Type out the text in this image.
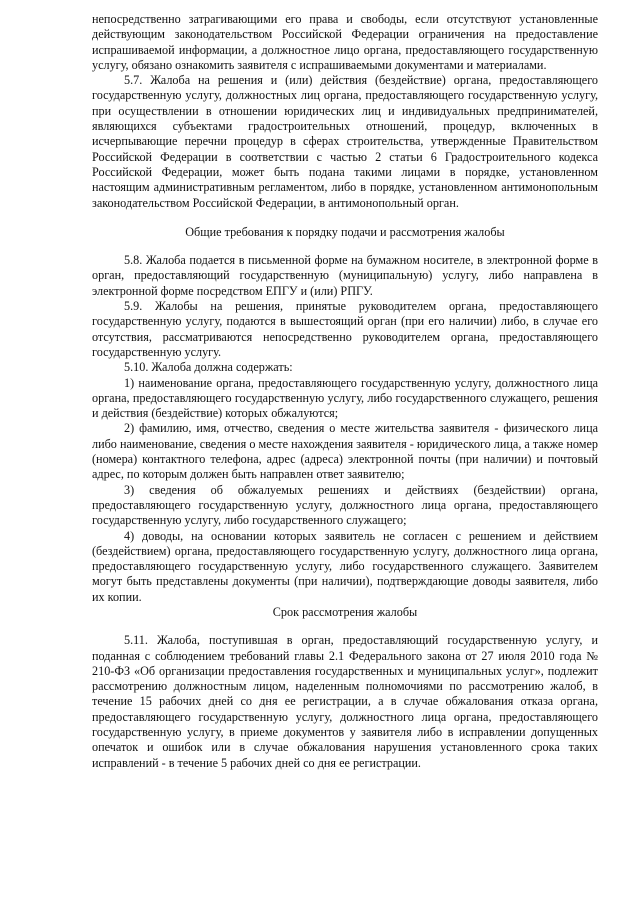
непосредственно затрагивающими его права и свободы, если отсутствуют установленные действующим законодательством Российской Федерации ограничения на предоставление испрашиваемой информации, а должностное лицо органа, предоставляющего государственную услугу, обязано ознакомить заявителя с испрашиваемыми документами и материалами.

5.7. Жалоба на решения и (или) действия (бездействие) органа, предоставляющего государственную услугу, должностных лиц органа, предоставляющего государственную услугу, при осуществлении в отношении юридических лиц и индивидуальных предпринимателей, являющихся субъектами градостроительных отношений, процедур, включенных в исчерпывающие перечни процедур в сферах строительства, утвержденные Правительством Российской Федерации в соответствии с частью 2 статьи 6 Градостроительного кодекса Российской Федерации, может быть подана такими лицами в порядке, установленном настоящим административным регламентом, либо в порядке, установленном антимонопольным законодательством Российской Федерации, в антимонопольный орган.

Общие требования к порядку подачи и рассмотрения жалобы

5.8. Жалоба подается в письменной форме на бумажном носителе, в электронной форме в орган, предоставляющий государственную (муниципальную) услугу, либо направлена в электронной форме посредством ЕПГУ и (или) РПГУ.

5.9. Жалобы на решения, принятые руководителем органа, предоставляющего государственную услугу, подаются в вышестоящий орган (при его наличии) либо, в случае его отсутствия, рассматриваются непосредственно руководителем органа, предоставляющего государственную услугу.

5.10. Жалоба должна содержать:

1) наименование органа, предоставляющего государственную услугу, должностного лица органа, предоставляющего государственную услугу, либо государственного служащего, решения и действия (бездействие) которых обжалуются;

2) фамилию, имя, отчество, сведения о месте жительства заявителя - физического лица либо наименование, сведения о месте нахождения заявителя - юридического лица, а также номер (номера) контактного телефона, адрес (адреса) электронной почты (при наличии) и почтовый адрес, по которым должен быть направлен ответ заявителю;

3) сведения об обжалуемых решениях и действиях (бездействии) органа, предоставляющего государственную услугу, должностного лица органа, предоставляющего государственную услугу, либо государственного служащего;

4) доводы, на основании которых заявитель не согласен с решением и действием (бездействием) органа, предоставляющего государственную услугу, должностного лица органа, предоставляющего государственную услугу, либо государственного служащего. Заявителем могут быть представлены документы (при наличии), подтверждающие доводы заявителя, либо их копии.

Срок рассмотрения жалобы

5.11. Жалоба, поступившая в орган, предоставляющий государственную услугу, и поданная с соблюдением требований главы 2.1 Федерального закона от 27 июля 2010 года № 210-ФЗ «Об организации предоставления государственных и муниципальных услуг», подлежит рассмотрению должностным лицом, наделенным полномочиями по рассмотрению жалоб, в течение 15 рабочих дней со дня ее регистрации, а в случае обжалования отказа органа, предоставляющего государственную услугу, должностного лица органа, предоставляющего государственную услугу, в приеме документов у заявителя либо в исправлении допущенных опечаток и ошибок или в случае обжалования нарушения установленного срока таких исправлений - в течение 5 рабочих дней со дня ее регистрации.
